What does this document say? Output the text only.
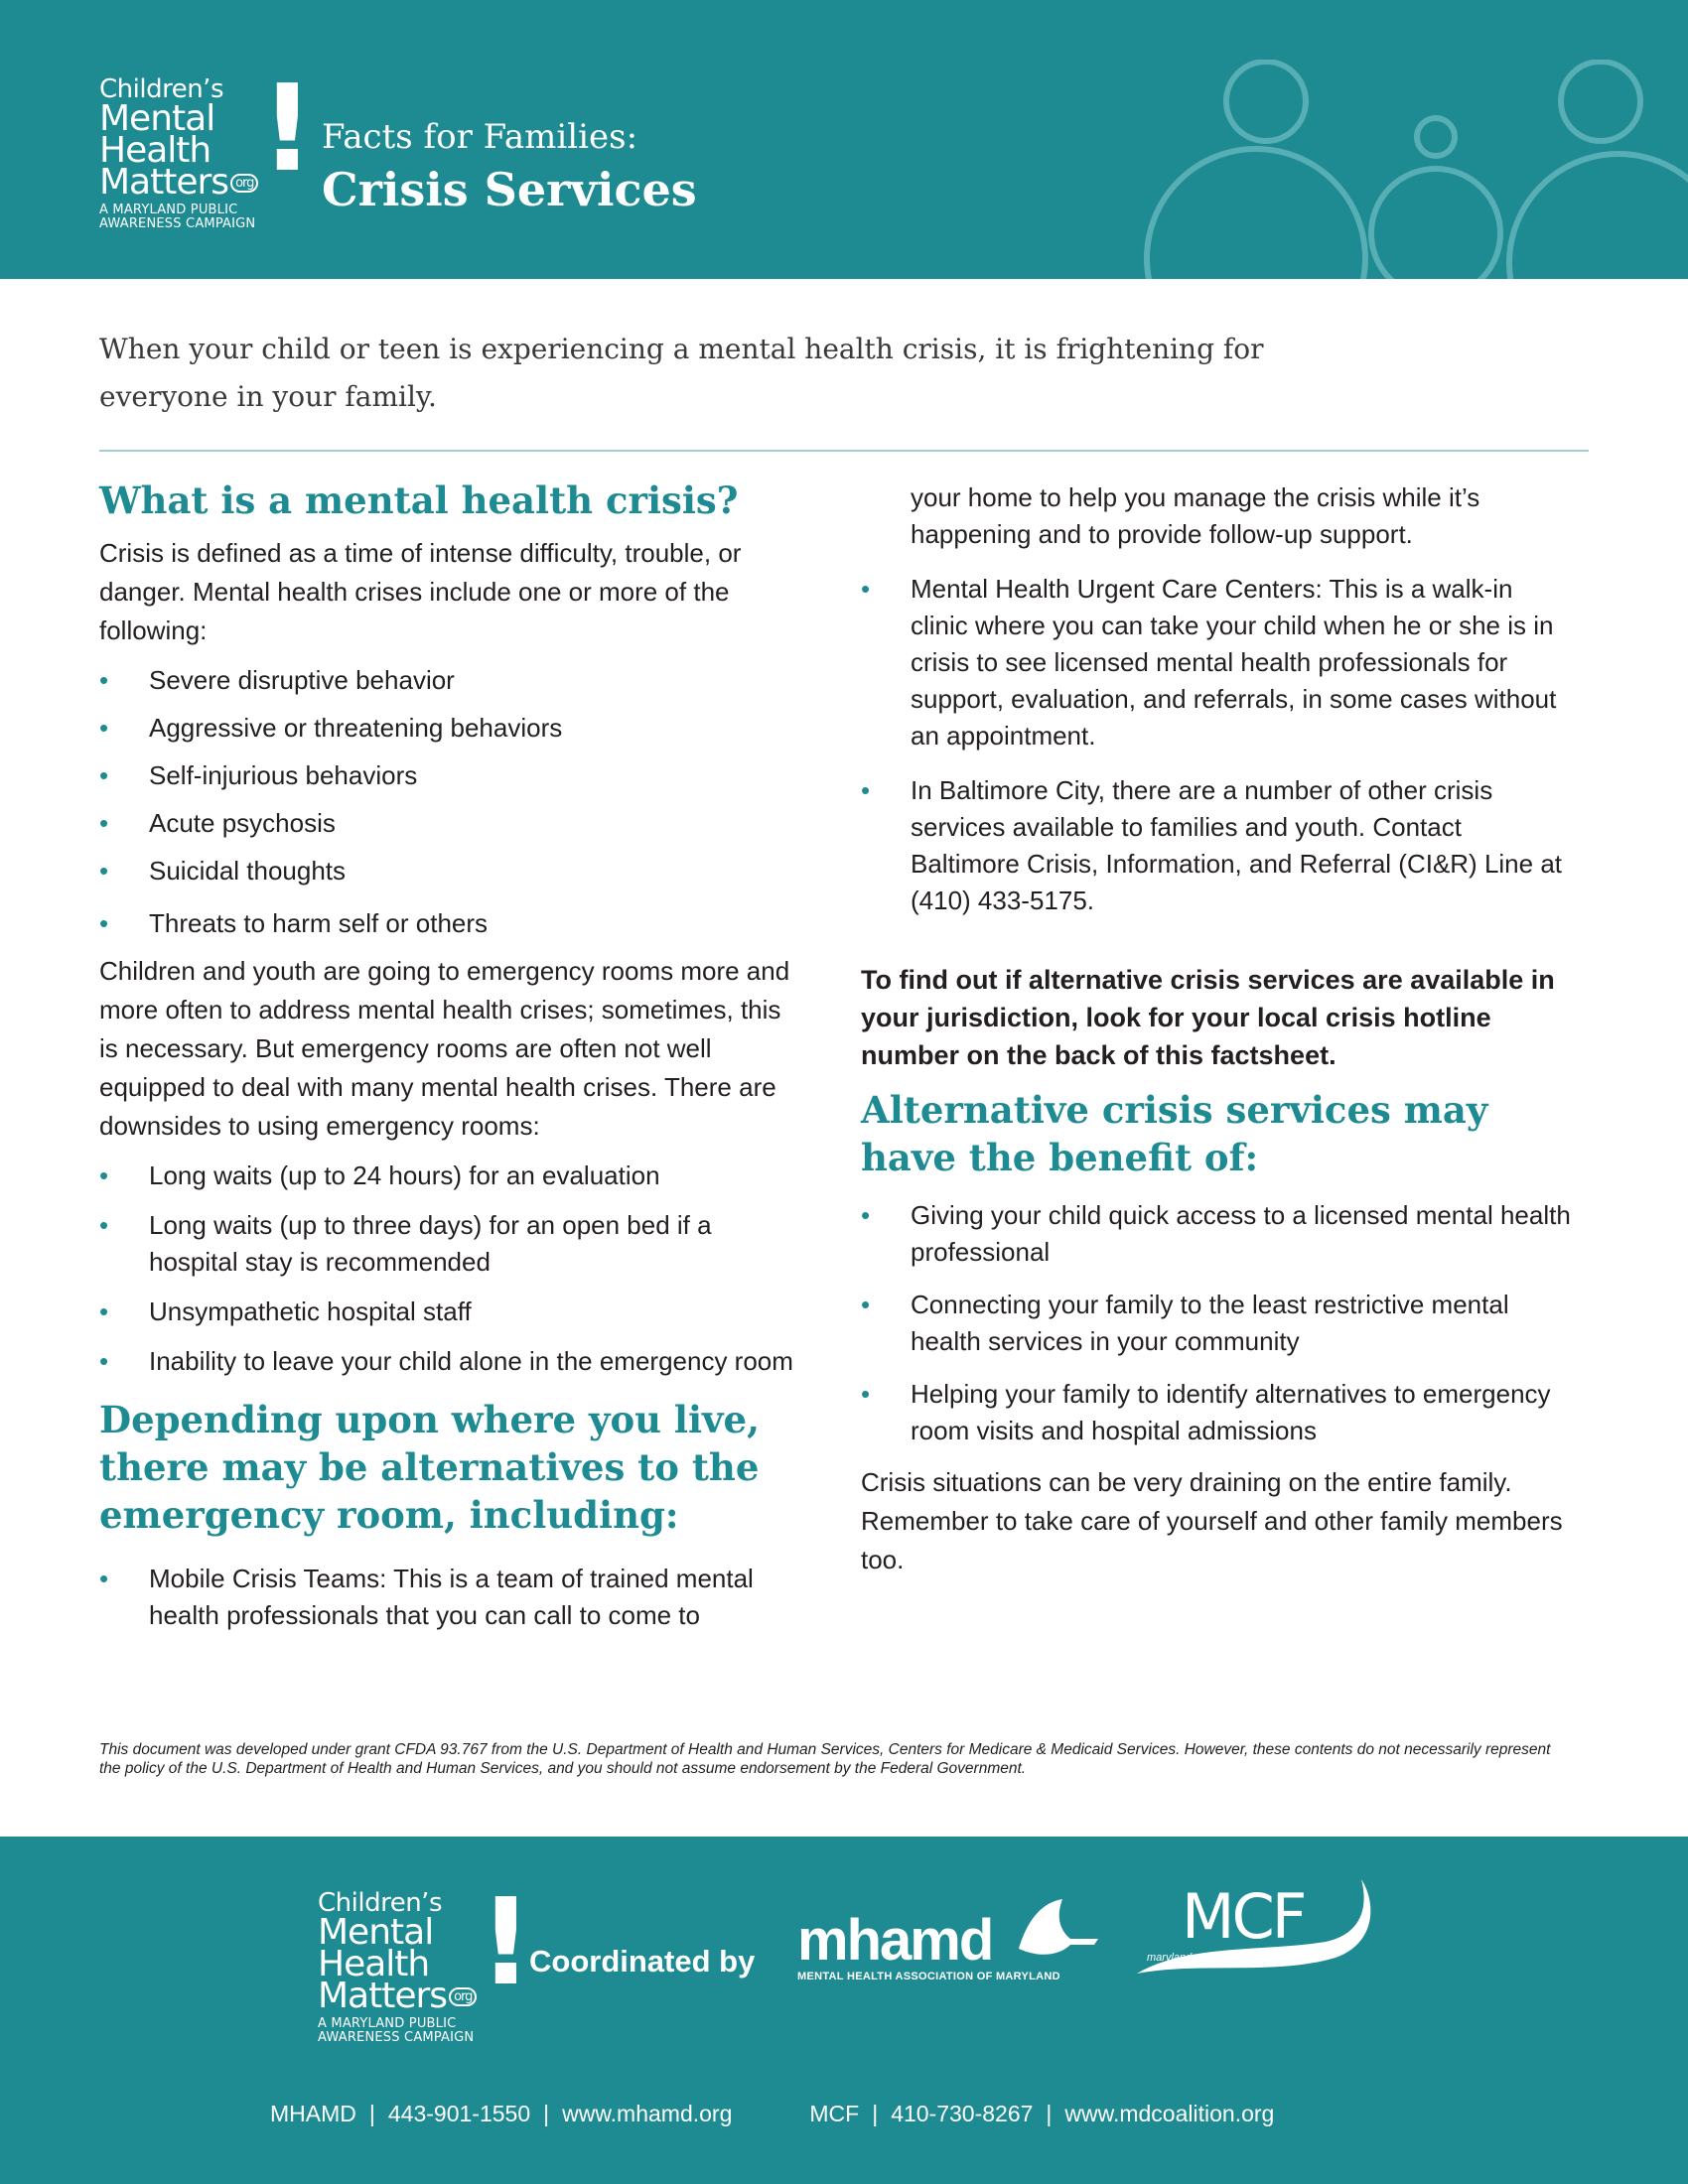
Children’s
Mental
Health
Matters org !
A MARYLAND PUBLIC
AWARENESS CAMPAIGN
Facts for Families:
Crisis Services
When your child or teen is experiencing a mental health crisis, it is frightening for everyone in your family.
What is a mental health crisis?

Crisis is defined as a time of intense difficulty, trouble, or danger. Mental health crises include one or more of the following:

• Severe disruptive behavior
• Aggressive or threatening behaviors
• Self-injurious behaviors
• Acute psychosis
• Suicidal thoughts
• Threats to harm self or others

Children and youth are going to emergency rooms more and more often to address mental health crises; sometimes, this is necessary. But emergency rooms are often not well equipped to deal with many mental health crises. There are downsides to using emergency rooms:

• Long waits (up to 24 hours) for an evaluation
• Long waits (up to three days) for an open bed if a hospital stay is recommended
• Unsympathetic hospital staff
• Inability to leave your child alone in the emergency room
Depending upon where you live, there may be alternatives to the emergency room, including:
• Mobile Crisis Teams: This is a team of trained mental health professionals that you can call to come to
your home to help you manage the crisis while it’s happening and to provide follow-up support.
• Mental Health Urgent Care Centers: This is a walk-in clinic where you can take your child when he or she is in crisis to see licensed mental health professionals for support, evaluation, and referrals, in some cases without an appointment.
• In Baltimore City, there are a number of other crisis services available to families and youth. Contact Baltimore Crisis, Information, and Referral (CI&R) Line at (410) 433-5175.

To find out if alternative crisis services are available in your jurisdiction, look for your local crisis hotline number on the back of this factsheet.

Alternative crisis services may have the benefit of:
• Giving your child quick access to a licensed mental health professional
• Connecting your family to the least restrictive mental health services in your community
• Helping your family to identify alternatives to emergency room visits and hospital admissions

Crisis situations can be very draining on the entire family. Remember to take care of yourself and other family members too.

This document was developed under grant CFDA 93.767 from the U.S. Department of Health and Human Services, Centers for Medicare & Medicaid Services. However, these contents do not necessarily represent the policy of the U.S. Department of Health and Human Services, and you should not assume endorsement by the Federal Government.
Children’s
Mental
Health
Matters org !
A MARYLAND PUBLIC
AWARENESS CAMPAIGN
Coordinated by mhamd
MENTAL HEALTH ASSOCIATION OF MARYLAND
MCF
maryland coalition of families
MHAMD | 443-901-1550 | www.mhamd.org	MCF | 410-730-8267 | www.mdcoalition.org
